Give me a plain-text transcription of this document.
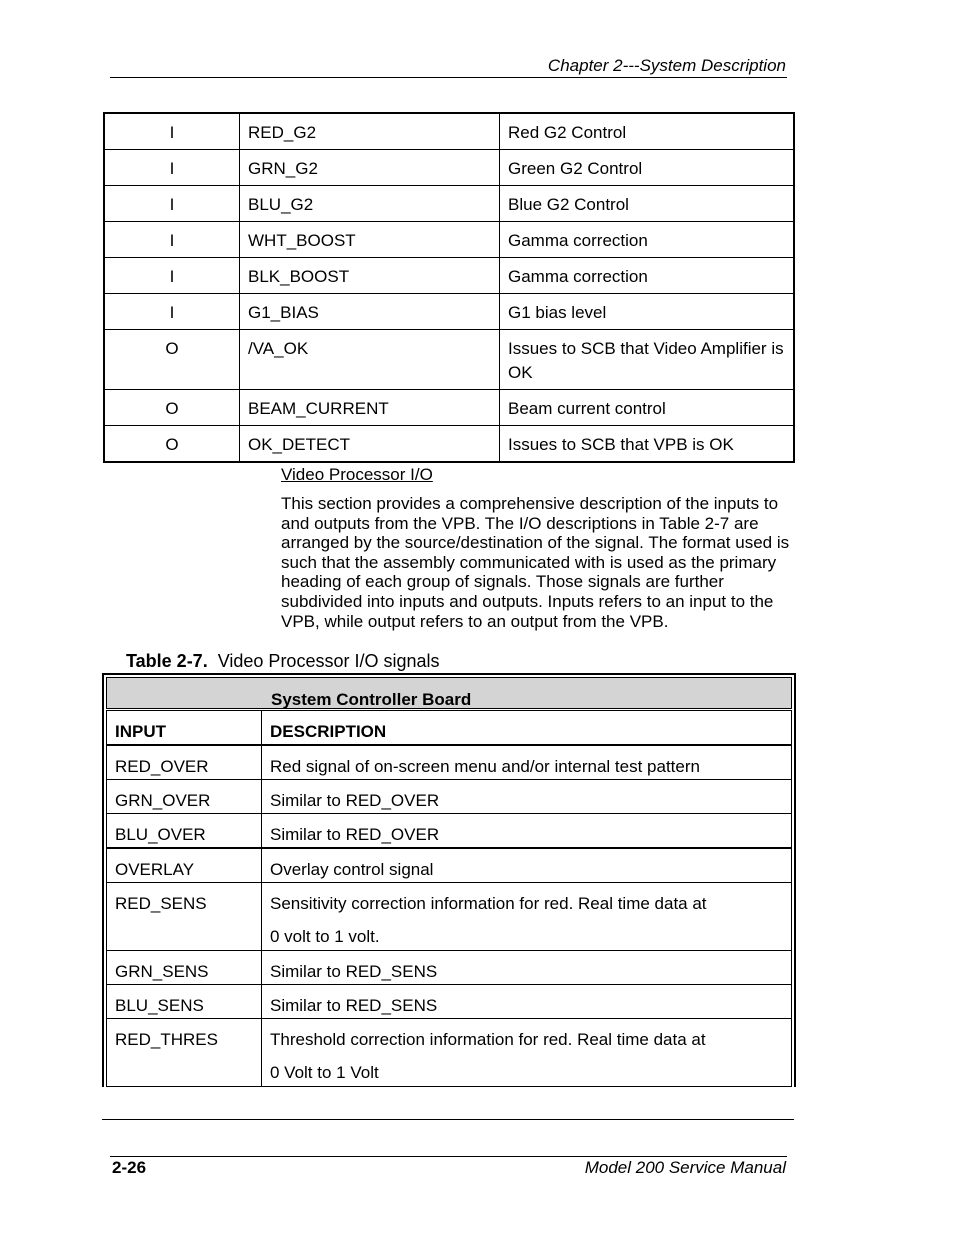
Chapter 2---System Description
I	RED_G2	Red G2 Control
I	GRN_G2	Green G2 Control
I	BLU_G2	Blue G2 Control
I	WHT_BOOST	Gamma correction
I	BLK_BOOST	Gamma correction
I	G1_BIAS	G1 bias level
O	/VA_OK	Issues to SCB that Video Amplifier is OK
O	BEAM_CURRENT	Beam current control
O	OK_DETECT	Issues to SCB that VPB is OK
Video Processor I/O
This section provides a comprehensive description of the inputs to and outputs from the VPB. The I/O descriptions in Table 2-7 are arranged by the source/destination of the signal. The format used is such that the assembly communicated with is used as the primary heading of each group of signals. Those signals are further subdivided into inputs and outputs. Inputs refers to an input to the VPB, while output refers to an output from the VPB.
Table 2-7. Video Processor I/O signals
System Controller Board
INPUT	DESCRIPTION
RED_OVER	Red signal of on-screen menu and/or internal test pattern
GRN_OVER	Similar to RED_OVER
BLU_OVER	Similar to RED_OVER
OVERLAY	Overlay control signal
RED_SENS	Sensitivity correction information for red. Real time data at
0 volt to 1 volt.

GRN_SENS	Similar to RED_SENS
BLU_SENS	Similar to RED_SENS
RED_THRES	Threshold correction information for red. Real time data at
0 Volt to 1 Volt
2-26	Model 200 Service Manual
